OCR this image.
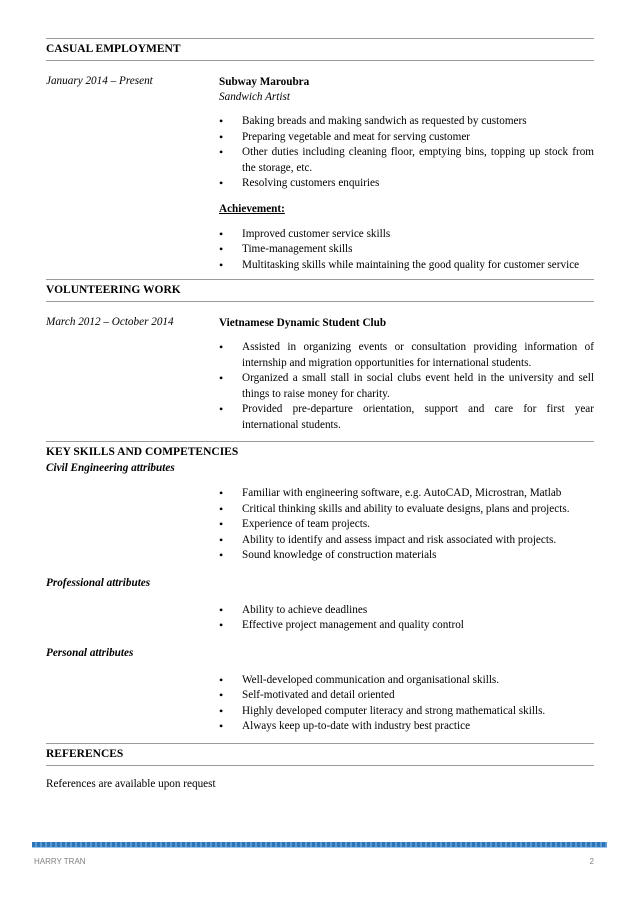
CASUAL EMPLOYMENT
January 2014 – Present	Subway Maroubra
Sandwich Artist
• Baking breads and making sandwich as requested by customers
• Preparing vegetable and meat for serving customer
• Other duties including cleaning floor, emptying bins, topping up stock from the storage, etc.
• Resolving customers enquiries
Achievement:
• Improved customer service skills
• Time-management skills
• Multitasking skills while maintaining the good quality for customer service
VOLUNTEERING WORK
March 2012 – October 2014	Vietnamese Dynamic Student Club
• Assisted in organizing events or consultation providing information of internship and migration opportunities for international students.
• Organized a small stall in social clubs event held in the university and sell things to raise money for charity.
• Provided pre-departure orientation, support and care for first year international students.
KEY SKILLS AND COMPETENCIES
Civil Engineering attributes
• Familiar with engineering software, e.g. AutoCAD, Microstran, Matlab
• Critical thinking skills and ability to evaluate designs, plans and projects.
• Experience of team projects.
• Ability to identify and assess impact and risk associated with projects.
• Sound knowledge of construction materials
Professional attributes
• Ability to achieve deadlines
• Effective project management and quality control
Personal attributes
• Well-developed communication and organisational skills.
• Self-motivated and detail oriented
• Highly developed computer literacy and strong mathematical skills.
• Always keep up-to-date with industry best practice
REFERENCES
References are available upon request
HARRY TRAN	2
